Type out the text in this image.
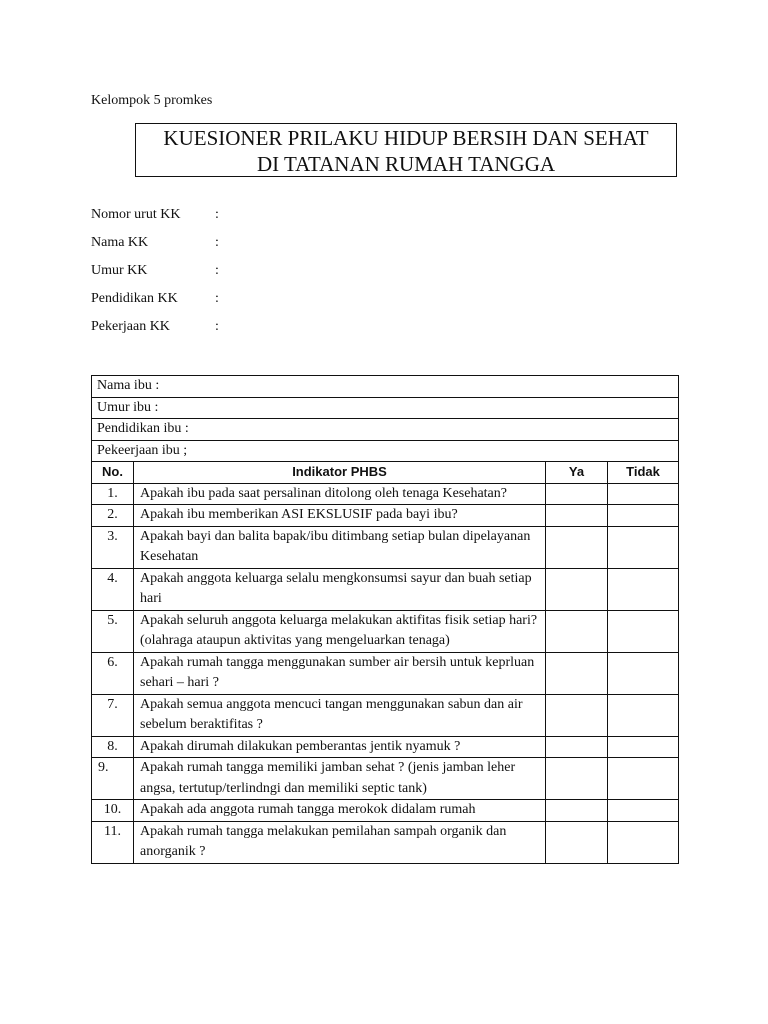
Kelompok 5 promkes
KUESIONER PRILAKU HIDUP BERSIH DAN SEHAT
DI TATANAN RUMAH TANGGA
Nomor urut KK :
Nama KK	:
Umur KK	:
Pendidikan KK	:
Pekerjaan KK	:
Nama ibu :			
Umur ibu :			
Pendidikan ibu :			
Pekeerjaan ibu ;			
No.	Indikator PHBS	Ya	Tidak
1.	Apakah ibu pada saat persalinan ditolong oleh tenaga Kesehatan?		
2.	Apakah ibu memberikan ASI EKSLUSIF pada bayi ibu?		
3.	Apakah bayi dan balita bapak/ibu ditimbang setiap bulan dipelayanan Kesehatan		
4.	Apakah anggota keluarga selalu mengkonsumsi sayur dan buah setiap hari		
5.	Apakah seluruh anggota keluarga melakukan aktifitas fisik setiap hari? (olahraga ataupun aktivitas yang mengeluarkan tenaga)		
6.	Apakah rumah tangga menggunakan sumber air bersih untuk keprluan sehari – hari ?		
7.	Apakah semua anggota mencuci tangan menggunakan sabun dan air sebelum beraktifitas ?		
8.	Apakah dirumah dilakukan pemberantas jentik nyamuk ?		
9.	Apakah rumah tangga memiliki jamban sehat ? (jenis jamban leher angsa, tertutup/terlindngi dan memiliki septic tank)		
10.	Apakah ada anggota rumah tangga merokok didalam rumah		
11.	Apakah rumah tangga melakukan pemilahan sampah organik dan anorganik ?		
